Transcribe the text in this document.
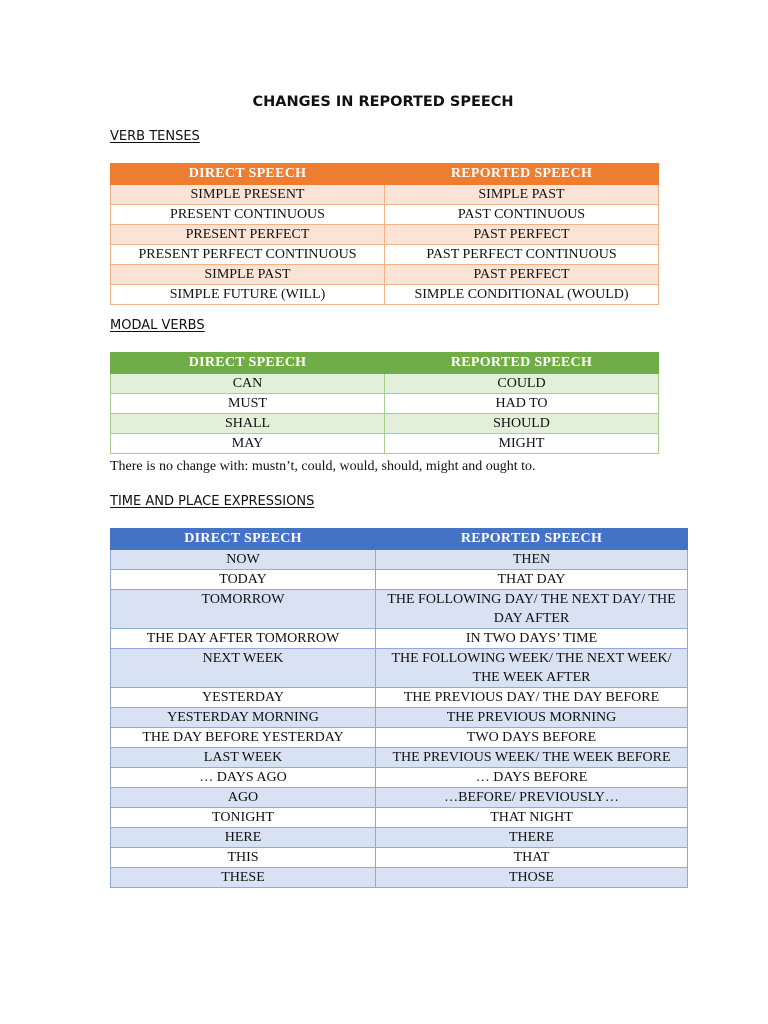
CHANGES IN REPORTED SPEECH
VERB TENSES
DIRECT SPEECH	REPORTED SPEECH
SIMPLE PRESENT	SIMPLE PAST
PRESENT CONTINUOUS	PAST CONTINUOUS
PRESENT PERFECT	PAST PERFECT
PRESENT PERFECT CONTINUOUS	PAST PERFECT CONTINUOUS
SIMPLE PAST	PAST PERFECT
SIMPLE FUTURE (WILL)	SIMPLE CONDITIONAL (WOULD)
MODAL VERBS
DIRECT SPEECH	REPORTED SPEECH
CAN	COULD
MUST	HAD TO
SHALL	SHOULD
MAY	MIGHT
There is no change with: mustn’t, could, would, should, might and ought to.
TIME AND PLACE EXPRESSIONS
DIRECT SPEECH	REPORTED SPEECH
NOW	THEN
TODAY	THAT DAY
TOMORROW	THE FOLLOWING DAY/ THE NEXT DAY/ THE DAY AFTER
THE DAY AFTER TOMORROW	IN TWO DAYS’ TIME
NEXT WEEK	THE FOLLOWING WEEK/ THE NEXT WEEK/ THE WEEK AFTER
YESTERDAY	THE PREVIOUS DAY/ THE DAY BEFORE
YESTERDAY MORNING	THE PREVIOUS MORNING
THE DAY BEFORE YESTERDAY	TWO DAYS BEFORE
LAST WEEK	THE PREVIOUS WEEK/ THE WEEK BEFORE
… DAYS AGO	… DAYS BEFORE
AGO	…BEFORE/ PREVIOUSLY…
TONIGHT	THAT NIGHT
HERE	THERE
THIS	THAT
THESE	THOSE
